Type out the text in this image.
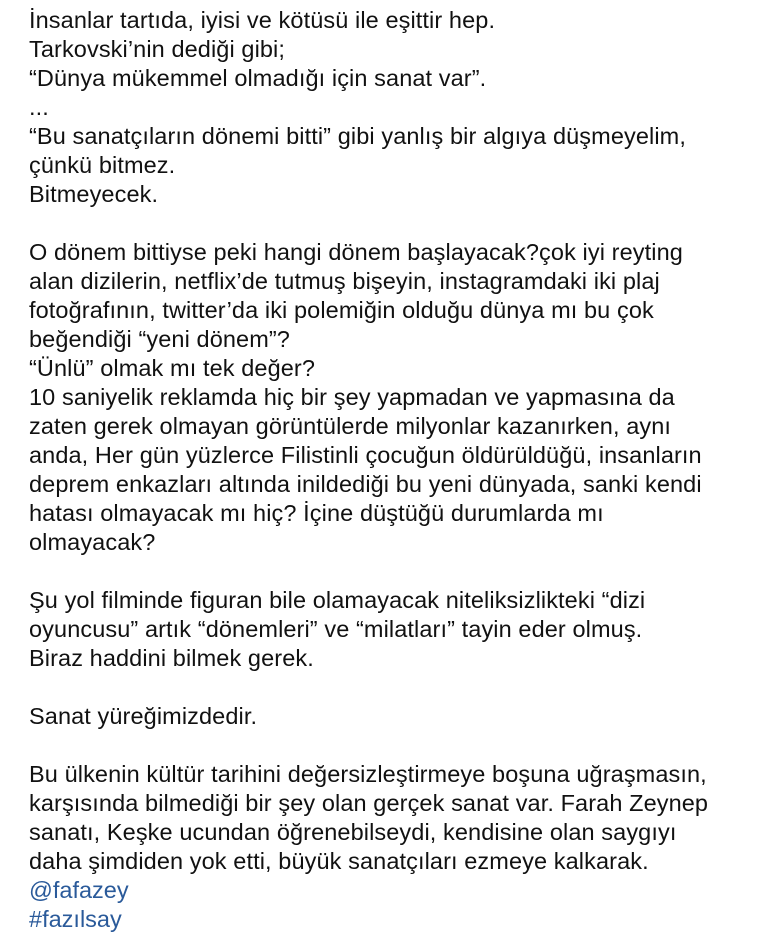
İnsanlar tartıda, iyisi ve kötüsü ile eşittir hep.
Tarkovski’nin dediği gibi;
“Dünya mükemmel olmadığı için sanat var”.
...
“Bu sanatçıların dönemi bitti” gibi yanlış bir algıya düşmeyelim,
çünkü bitmez.
Bitmeyecek.
O dönem bittiyse peki hangi dönem başlayacak?çok iyi reyting
alan dizilerin, netflix’de tutmuş bişeyin, instagramdaki iki plaj
fotoğrafının, twitter’da iki polemiğin olduğu dünya mı bu çok
beğendiği “yeni dönem”?
“Ünlü” olmak mı tek değer?
10 saniyelik reklamda hiç bir şey yapmadan ve yapmasına da
zaten gerek olmayan görüntülerde milyonlar kazanırken, aynı
anda, Her gün yüzlerce Filistinli çocuğun öldürüldüğü, insanların
deprem enkazları altında inildediği bu yeni dünyada, sanki kendi
hatası olmayacak mı hiç? İçine düştüğü durumlarda mı
olmayacak?
Şu yol filminde figuran bile olamayacak niteliksizlikteki “dizi
oyuncusu” artık “dönemleri” ve “milatları” tayin eder olmuş.
Biraz haddini bilmek gerek.
Sanat yüreğimizdedir.
Bu ülkenin kültür tarihini değersizleştirmeye boşuna uğraşmasın,
karşısında bilmediği bir şey olan gerçek sanat var. Farah Zeynep
sanatı, Keşke ucundan öğrenebilseydi, kendisine olan saygıyı
daha şimdiden yok etti, büyük sanatçıları ezmeye kalkarak.
@fafazey
#fazılsay
